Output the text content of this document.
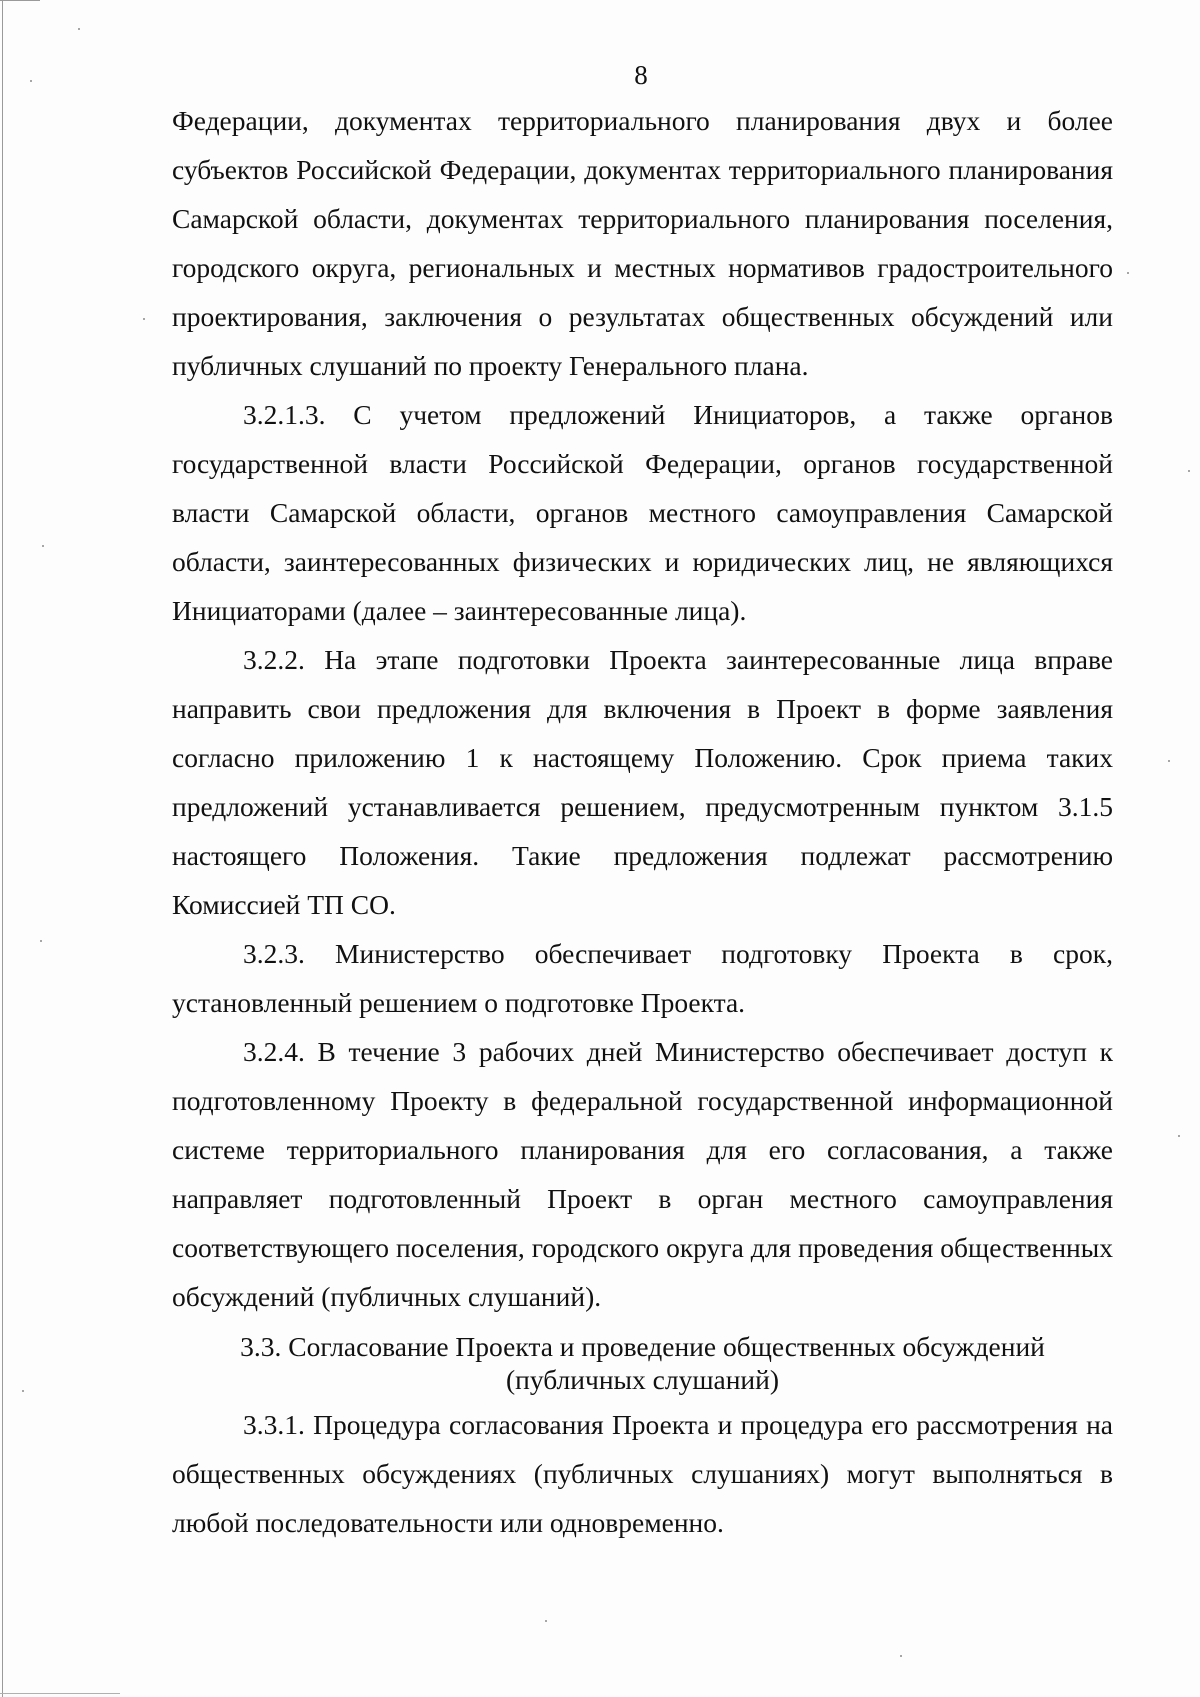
8

Федерации, документах территориального планирования двух и более субъектов Российской Федерации, документах территориального планирования Самарской области, документах территориального планирования поселения, городского округа, региональных и местных нормативов градостроительного проектирования, заключения о результатах общественных обсуждений или публичных слушаний по проекту Генерального плана.

3.2.1.3. С учетом предложений Инициаторов, а также органов государственной власти Российской Федерации, органов государственной власти Самарской области, органов местного самоуправления Самарской области, заинтересованных физических и юридических лиц, не являющихся Инициаторами (далее – заинтересованные лица).

3.2.2. На этапе подготовки Проекта заинтересованные лица вправе направить свои предложения для включения в Проект в форме заявления согласно приложению 1 к настоящему Положению. Срок приема таких предложений устанавливается решением, предусмотренным пунктом 3.1.5 настоящего Положения. Такие предложения подлежат рассмотрению Комиссией ТП СО.

3.2.3. Министерство обеспечивает подготовку Проекта в срок, установленный решением о подготовке Проекта.

3.2.4. В течение 3 рабочих дней Министерство обеспечивает доступ к подготовленному Проекту в федеральной государственной информационной системе территориального планирования для его согласования, а также направляет подготовленный Проект в орган местного самоуправления соответствующего поселения, городского округа для проведения общественных обсуждений (публичных слушаний).

3.3. Согласование Проекта и проведение общественных обсуждений
(публичных слушаний)

3.3.1. Процедура согласования Проекта и процедура его рассмотрения на общественных обсуждениях (публичных слушаниях) могут выполняться в любой последовательности или одновременно.
